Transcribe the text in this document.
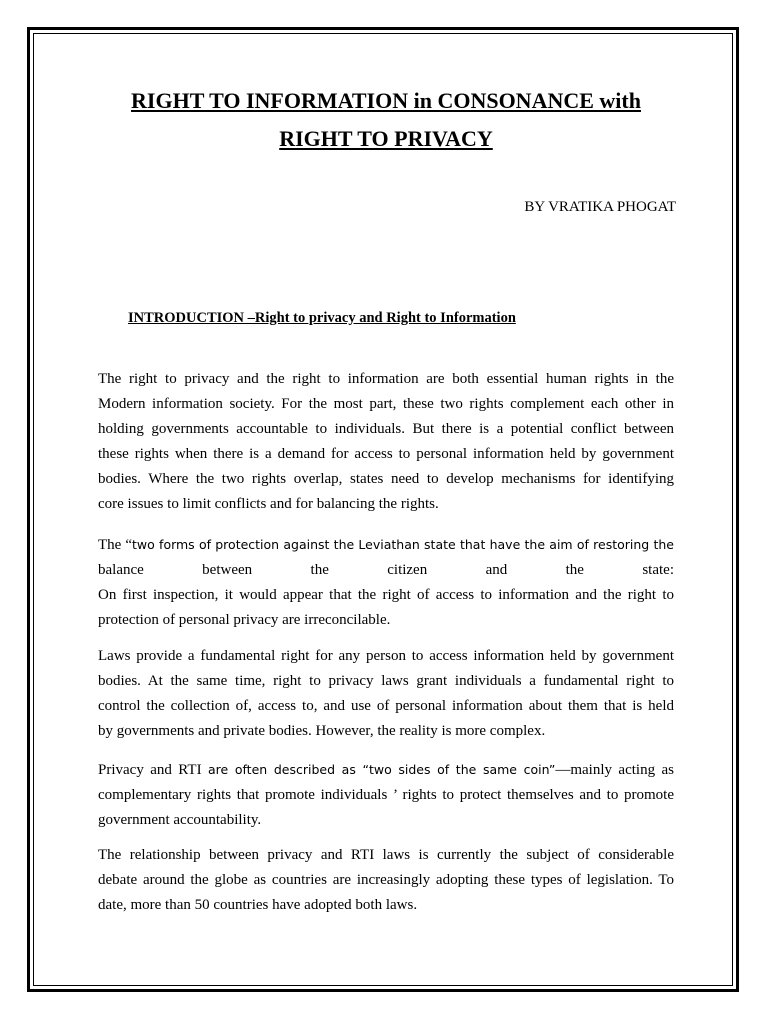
RIGHT TO INFORMATION in CONSONANCE with
RIGHT TO PRIVACY
BY VRATIKA PHOGAT
INTRODUCTION –Right to privacy and Right to Information
The right to privacy and the right to information are both essential human rights in the
Modern information society. For the most part, these two rights complement each other in
holding governments accountable to individuals. But there is a potential conflict between
these rights when there is a demand for access to personal information held by government
bodies. Where the two rights overlap, states need to develop mechanisms for identifying
core issues to limit conflicts and for balancing the rights.
The “two forms of protection against the Leviathan state that have the aim of restoring the
balance between the citizen and the state:
On first inspection, it would appear that the right of access to information and the right to
protection of personal privacy are irreconcilable.
Laws provide a fundamental right for any person to access information held by government
bodies. At the same time, right to privacy laws grant individuals a fundamental right to
control the collection of, access to, and use of personal information about them that is held
by governments and private bodies. However, the reality is more complex.
Privacy and RTI are often described as “two sides of the same coin”—mainly acting as
complementary rights that promote individuals ’ rights to protect themselves and to promote
government accountability.
The relationship between privacy and RTI laws is currently the subject of considerable
debate around the globe as countries are increasingly adopting these types of legislation. To
date, more than 50 countries have adopted both laws.
